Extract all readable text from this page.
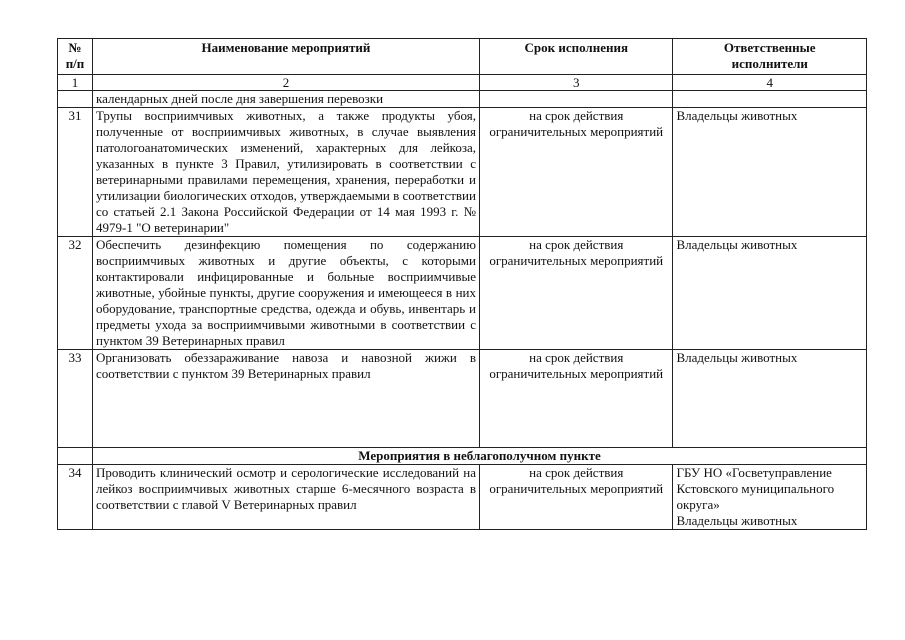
№
п/п	Наименование мероприятий	Срок исполнения	Ответственные
исполнители
1	2	3	4
	календарных дней после дня завершения перевозки		
31	Трупы восприимчивых животных, а также продукты убоя, полученные от восприимчивых животных, в случае выявления патологоанатомических изменений, характерных для лейкоза, указанных в пункте 3 Правил, утилизировать в соответствии с ветеринарными правилами перемещения, хранения, переработки и утилизации биологических отходов, утверждаемыми в соответствии со статьей 2.1 Закона Российской Федерации от 14 мая 1993 г. № 4979-1 "О ветеринарии"	на срок действия ограничительных мероприятий	Владельцы животных
32	Обеспечить дезинфекцию помещения по содержанию восприимчивых животных и другие объекты, с которыми контактировали инфицированные и больные восприимчивые животные, убойные пункты, другие сооружения и имеющееся в них оборудование, транспортные средства, одежда и обувь, инвентарь и предметы ухода за восприимчивыми животными в соответствии с пунктом 39 Ветеринарных правил	на срок действия ограничительных мероприятий	Владельцы животных
33	Организовать обеззараживание навоза и навозной жижи в соответствии с пунктом 39 Ветеринарных правил	на срок действия ограничительных мероприятий	Владельцы животных
	Мероприятия в неблагополучном пункте		
34	Проводить клинический осмотр и серологические исследований на лейкоз восприимчивых животных старше 6-месячного возраста в соответствии с главой V Ветеринарных правил	на срок действия ограничительных мероприятий	ГБУ НО «Госветуправление Кстовского муниципального округа»
Владельцы животных
